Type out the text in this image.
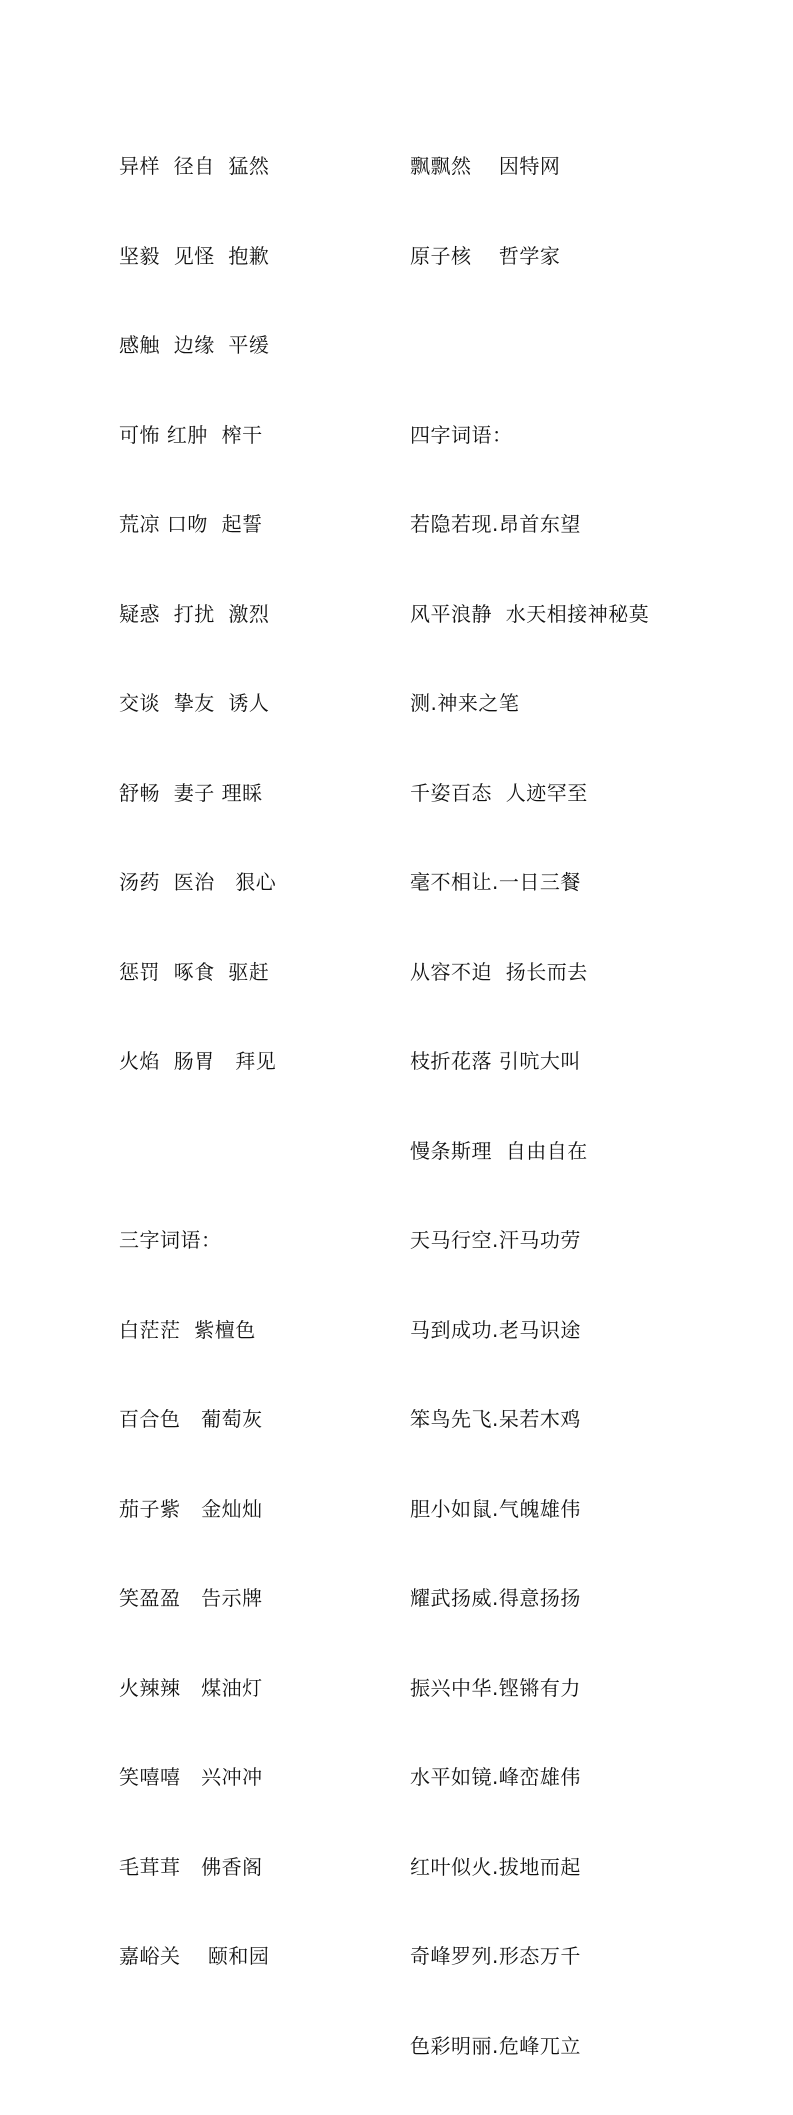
异样  径自  猛然

坚毅  见怪  抱歉

感触  边缘  平缓

可怖 红肿  榨干

荒凉 口吻  起誓

疑惑  打扰  激烈

交谈  挚友  诱人

舒畅  妻子 理睬

汤药  医治   狠心

惩罚  啄食  驱赶

火焰  肠胃   拜见

三字词语：

白茫茫  紫檀色

百合色   葡萄灰

茄子紫   金灿灿

笑盈盈   告示牌

火辣辣   煤油灯

笑嘻嘻   兴冲冲

毛茸茸   佛香阁

嘉峪关    颐和园

飘飘然    因特网

原子核    哲学家

四字词语：

若隐若现.昂首东望

风平浪静  水天相接神秘莫

测.神来之笔

千姿百态  人迹罕至

毫不相让.一日三餐

从容不迫  扬长而去

枝折花落 引吭大叫

慢条斯理  自由自在

天马行空.汗马功劳

马到成功.老马识途

笨鸟先飞.呆若木鸡

胆小如鼠.气魄雄伟

耀武扬威.得意扬扬

振兴中华.铿锵有力

水平如镜.峰峦雄伟

红叶似火.拔地而起

奇峰罗列.形态万千

色彩明丽.危峰兀立
